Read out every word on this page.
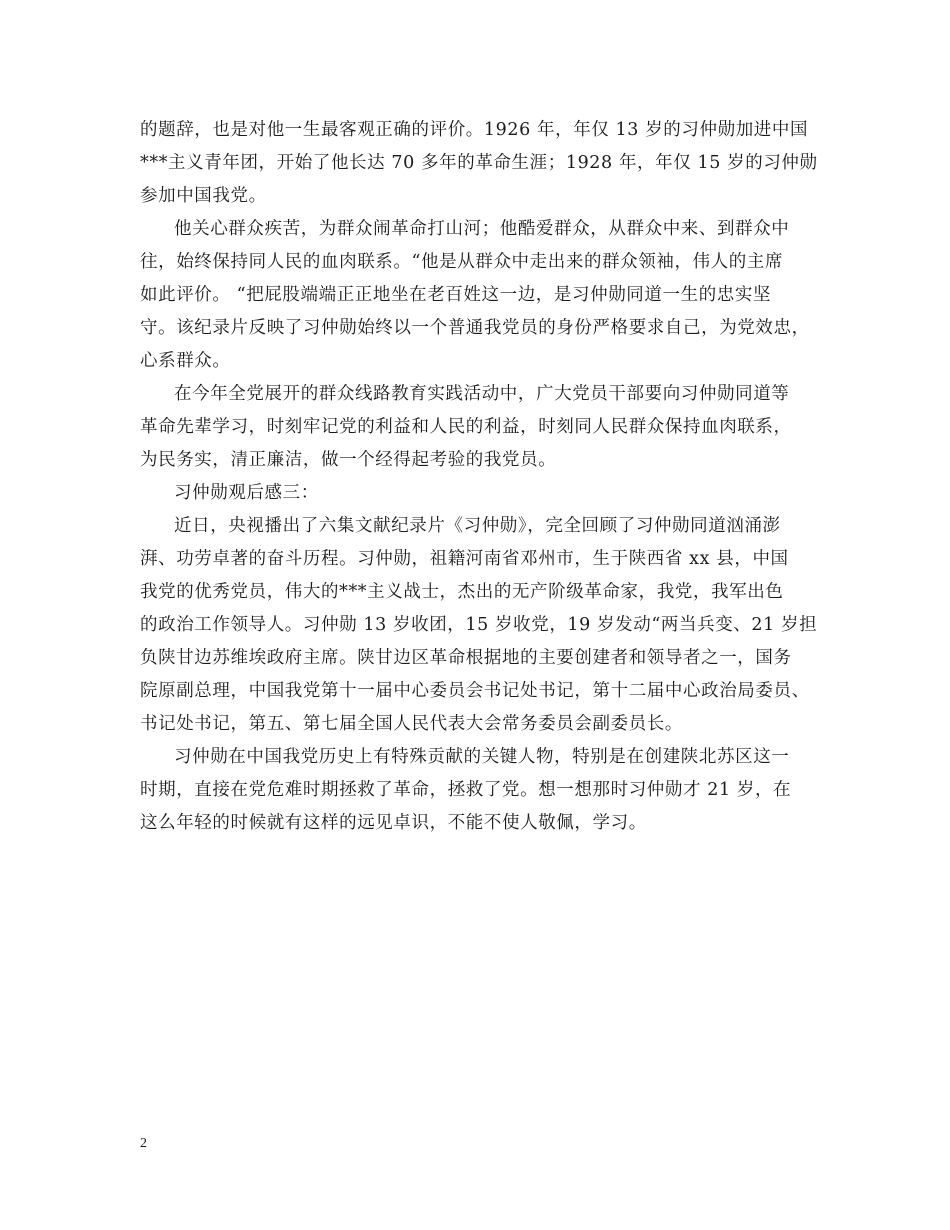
的题辞，也是对他一生最客观正确的评价。1926 年，年仅 13 岁的习仲勋加进中国
***主义青年团，开始了他长达 70 多年的革命生涯；1928 年，年仅 15 岁的习仲勋
参加中国我党。
他关心群众疾苦，为群众闹革命打山河；他酷爱群众，从群众中来、到群众中
往，始终保持同人民的血肉联系。“他是从群众中走出来的群众领袖，伟人的主席
如此评价。 “把屁股端端正正地坐在老百姓这一边，是习仲勋同道一生的忠实坚
守。该纪录片反映了习仲勋始终以一个普通我党员的身份严格要求自己，为党效忠，
心系群众。
在今年全党展开的群众线路教育实践活动中，广大党员干部要向习仲勋同道等
革命先辈学习，时刻牢记党的利益和人民的利益，时刻同人民群众保持血肉联系，
为民务实，清正廉洁，做一个经得起考验的我党员。
习仲勋观后感三：
近日，央视播出了六集文献纪录片《习仲勋》，完全回顾了习仲勋同道汹涌澎
湃、功劳卓著的奋斗历程。习仲勋，祖籍河南省邓州市，生于陕西省 xx 县，中国
我党的优秀党员，伟大的***主义战士，杰出的无产阶级革命家，我党，我军出色
的政治工作领导人。习仲勋 13 岁收团，15 岁收党，19 岁发动“两当兵变、21 岁担
负陕甘边苏维埃政府主席。陕甘边区革命根据地的主要创建者和领导者之一，国务
院原副总理，中国我党第十一届中心委员会书记处书记，第十二届中心政治局委员、
书记处书记，第五、第七届全国人民代表大会常务委员会副委员长。
习仲勋在中国我党历史上有特殊贡献的关键人物，特别是在创建陕北苏区这一
时期，直接在党危难时期拯救了革命，拯救了党。想一想那时习仲勋才 21 岁，在
这么年轻的时候就有这样的远见卓识，不能不使人敬佩，学习。
2
